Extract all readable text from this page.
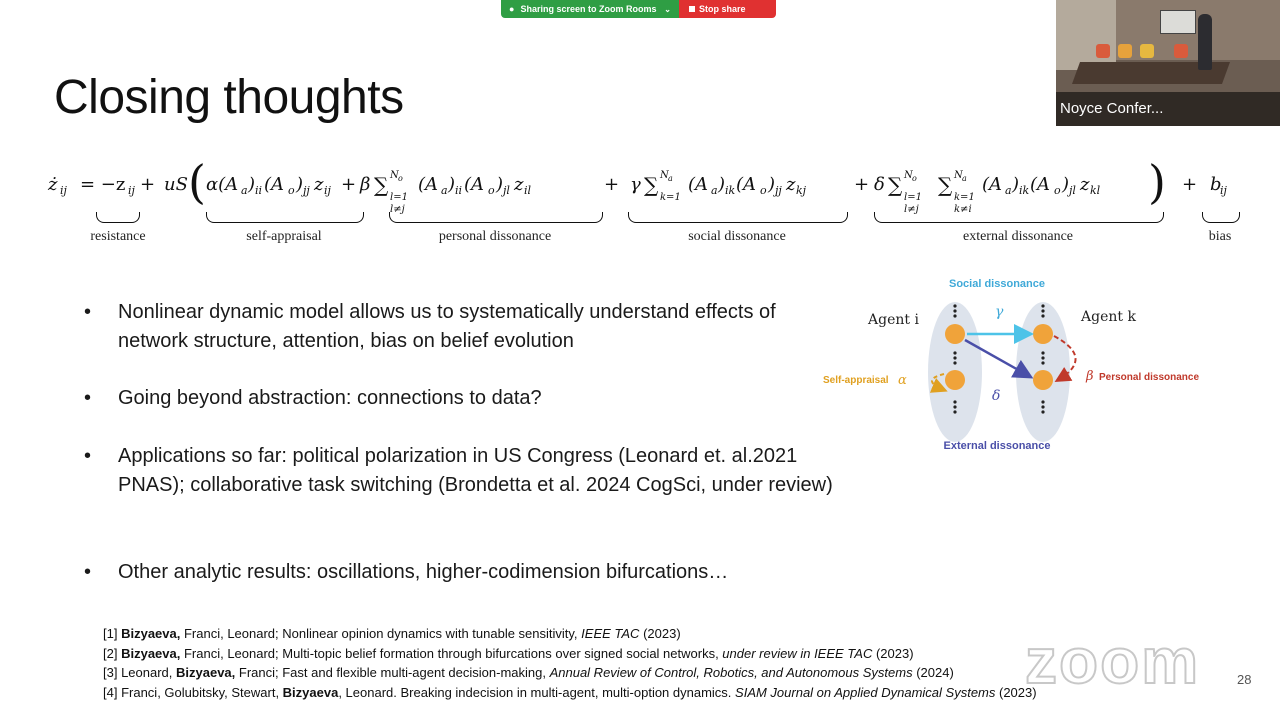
● Sharing screen to Zoom Rooms ⌄	Stop share
Noyce Confer...
Closing thoughts
ż ij = −z ij + uS ( α(A a ) ii (A o ) jj z ij + β ∑ N o
l=1
l≠j
(A a ) ii (A o ) jl z il	+ γ ∑ N a
k=1
(A a ) ik (A o ) jj z kj	+ δ ∑ N o
l=1
l≠j
∑ N a
k=1
k≠i
(A a ) ik (A o ) jl z kl ) + b
ij
resistance	self-appraisal	personal dissonance	social dissonance	external dissonance	bias
•	Nonlinear dynamic model allows us to systematically understand effects of network structure, attention, bias on belief evolution
•	Going beyond abstraction: connections to data?
•	Applications so far: political polarization in US Congress (Leonard et. al.2021 PNAS); collaborative task switching (Brondetta et al. 2024 CogSci, under review)
•	Other analytic results: oscillations, higher-codimension bifurcations…
Social dissonance
Agent i	Agent k
γ
δ
α	β
Self-appraisal	Personal dissonance
External dissonance
[1] Bizyaeva, Franci, Leonard; Nonlinear opinion dynamics with tunable sensitivity, IEEE TAC (2023)
[2] Bizyaeva, Franci, Leonard; Multi-topic belief formation through bifurcations over signed social networks, under review in IEEE TAC (2023)
[3] Leonard, Bizyaeva, Franci; Fast and flexible multi-agent decision-making, Annual Review of Control, Robotics, and Autonomous Systems (2024)
[4] Franci, Golubitsky, Stewart, Bizyaeva, Leonard. Breaking indecision in multi-agent, multi-option dynamics. SIAM Journal on Applied Dynamical Systems (2023)
zoom	28
